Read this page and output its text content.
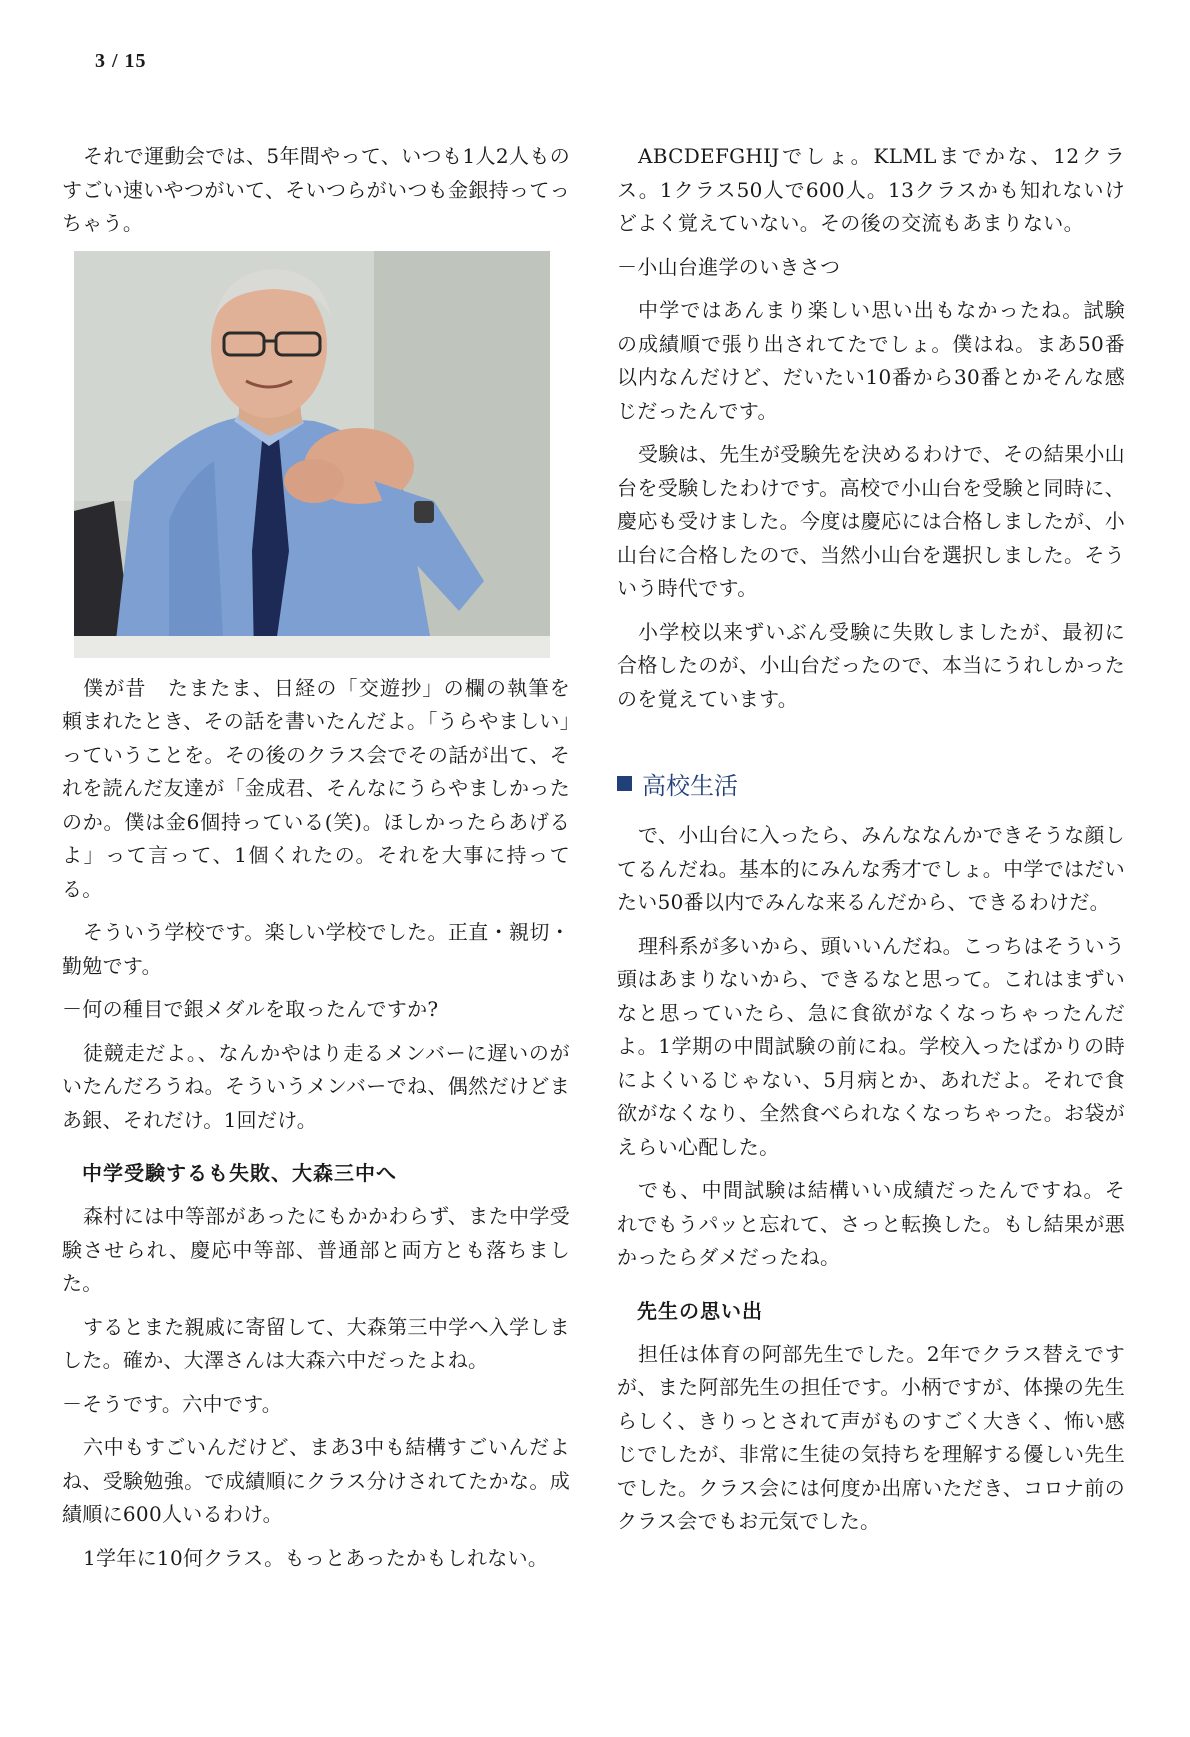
3 / 15

それで運動会では、5年間やって、いつも1人2人ものすごい速いやつがいて、そいつらがいつも金銀持ってっちゃう。

僕が昔　たまたま、日経の「交遊抄」の欄の執筆を頼まれたとき、その話を書いたんだよ。「うらやましい」っていうことを。その後のクラス会でその話が出て、それを読んだ友達が「金成君、そんなにうらやましかったのか。僕は金6個持っている(笑)。ほしかったらあげるよ」って言って、1個くれたの。それを大事に持ってる。

そういう学校です。楽しい学校でした。正直・親切・勤勉です。

－何の種目で銀メダルを取ったんですか?

徒競走だよ。、なんかやはり走るメンバーに遅いのがいたんだろうね。そういうメンバーでね、偶然だけどまあ銀、それだけ。1回だけ。

中学受験するも失敗、大森三中へ

森村には中等部があったにもかかわらず、また中学受験させられ、慶応中等部、普通部と両方とも落ちました。

するとまた親戚に寄留して、大森第三中学へ入学しました。確か、大澤さんは大森六中だったよね。

－そうです。六中です。

六中もすごいんだけど、まあ3中も結構すごいんだよね、受験勉強。で成績順にクラス分けされてたかな。成績順に600人いるわけ。

1学年に10何クラス。もっとあったかもしれない。

ABCDEFGHIJでしょ。KLMLまでかな、12クラス。1クラス50人で600人。13クラスかも知れないけどよく覚えていない。その後の交流もあまりない。

－小山台進学のいきさつ

中学ではあんまり楽しい思い出もなかったね。試験の成績順で張り出されてたでしょ。僕はね。まあ50番以内なんだけど、だいたい10番から30番とかそんな感じだったんです。

受験は、先生が受験先を決めるわけで、その結果小山台を受験したわけです。高校で小山台を受験と同時に、慶応も受けました。今度は慶応には合格しましたが、小山台に合格したので、当然小山台を選択しました。そういう時代です。

小学校以来ずいぶん受験に失敗しましたが、最初に合格したのが、小山台だったので、本当にうれしかったのを覚えています。

高校生活

で、小山台に入ったら、みんななんかできそうな顔してるんだね。基本的にみんな秀才でしょ。中学ではだいたい50番以内でみんな来るんだから、できるわけだ。

理科系が多いから、頭いいんだね。こっちはそういう頭はあまりないから、できるなと思って。これはまずいなと思っていたら、急に食欲がなくなっちゃったんだよ。1学期の中間試験の前にね。学校入ったばかりの時によくいるじゃない、5月病とか、あれだよ。それで食欲がなくなり、全然食べられなくなっちゃった。お袋がえらい心配した。

でも、中間試験は結構いい成績だったんですね。それでもうパッと忘れて、さっと転換した。もし結果が悪かったらダメだったね。

先生の思い出

担任は体育の阿部先生でした。2年でクラス替えですが、また阿部先生の担任です。小柄ですが、体操の先生らしく、きりっとされて声がものすごく大きく、怖い感じでしたが、非常に生徒の気持ちを理解する優しい先生でした。クラス会には何度か出席いただき、コロナ前のクラス会でもお元気でした。
